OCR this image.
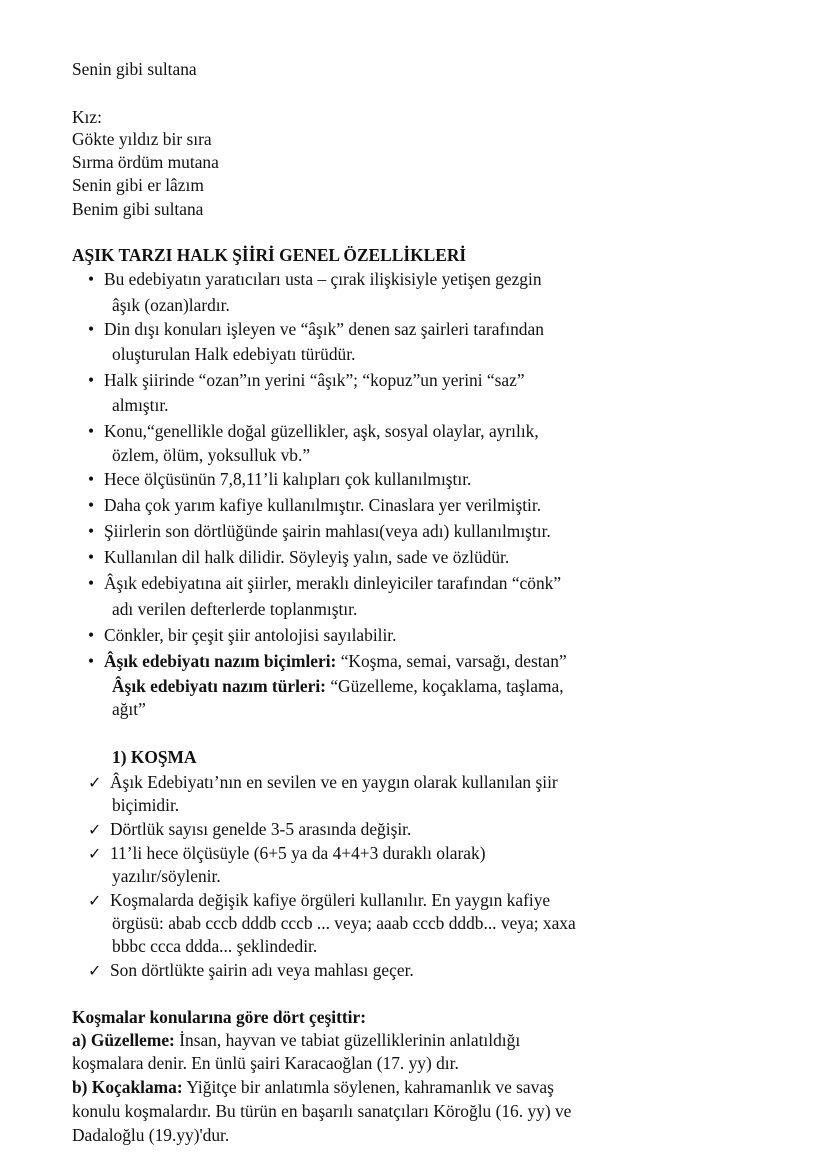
Senin gibi sultana
Kız:
Gökte yıldız bir sıra
Sırma ördüm mutana
Senin gibi er lâzım
Benim gibi sultana
AŞIK TARZI HALK ŞİİRİ GENEL ÖZELLİKLERİ
• Bu edebiyatın yaratıcıları usta – çırak ilişkisiyle yetişen gezgin
âşık (ozan)lardır.
• Din dışı konuları işleyen ve “âşık” denen saz şairleri tarafından
oluşturulan Halk edebiyatı türüdür.
• Halk şiirinde “ozan”ın yerini “âşık”; “kopuz”un yerini “saz”
almıştır.
• Konu,“genellikle doğal güzellikler, aşk, sosyal olaylar, ayrılık,
özlem, ölüm, yoksulluk vb.”
• Hece ölçüsünün 7,8,11’li kalıpları çok kullanılmıştır.
• Daha çok yarım kafiye kullanılmıştır. Cinaslara yer verilmiştir.
• Şiirlerin son dörtlüğünde şairin mahlası(veya adı) kullanılmıştır.
• Kullanılan dil halk dilidir. Söyleyiş yalın, sade ve özlüdür.
• Âşık edebiyatına ait şiirler, meraklı dinleyiciler tarafından “cönk”
adı verilen defterlerde toplanmıştır.
• Cönkler, bir çeşit şiir antolojisi sayılabilir.
• Âşık edebiyatı nazım biçimleri: “Koşma, semai, varsağı, destan”
Âşık edebiyatı nazım türleri: “Güzelleme, koçaklama, taşlama,
ağıt”
1) KOŞMA
✓ Âşık Edebiyatı’nın en sevilen ve en yaygın olarak kullanılan şiir
biçimidir.
✓ Dörtlük sayısı genelde 3-5 arasında değişir.
✓ 11’li hece ölçüsüyle (6+5 ya da 4+4+3 duraklı olarak)
yazılır/söylenir.
✓ Koşmalarda değişik kafiye örgüleri kullanılır. En yaygın kafiye
örgüsü: abab cccb dddb cccb ... veya; aaab cccb dddb... veya; xaxa
bbbc ccca ddda... şeklindedir.
✓ Son dörtlükte şairin adı veya mahlası geçer.
Koşmalar konularına göre dört çeşittir:
a) Güzelleme: İnsan, hayvan ve tabiat güzelliklerinin anlatıldığı
koşmalara denir. En ünlü şairi Karacaoğlan (17. yy) dır.
b) Koçaklama: Yiğitçe bir anlatımla söylenen, kahramanlık ve savaş
konulu koşmalardır. Bu türün en başarılı sanatçıları Köroğlu (16. yy) ve
Dadaloğlu (19.yy)'dur.
